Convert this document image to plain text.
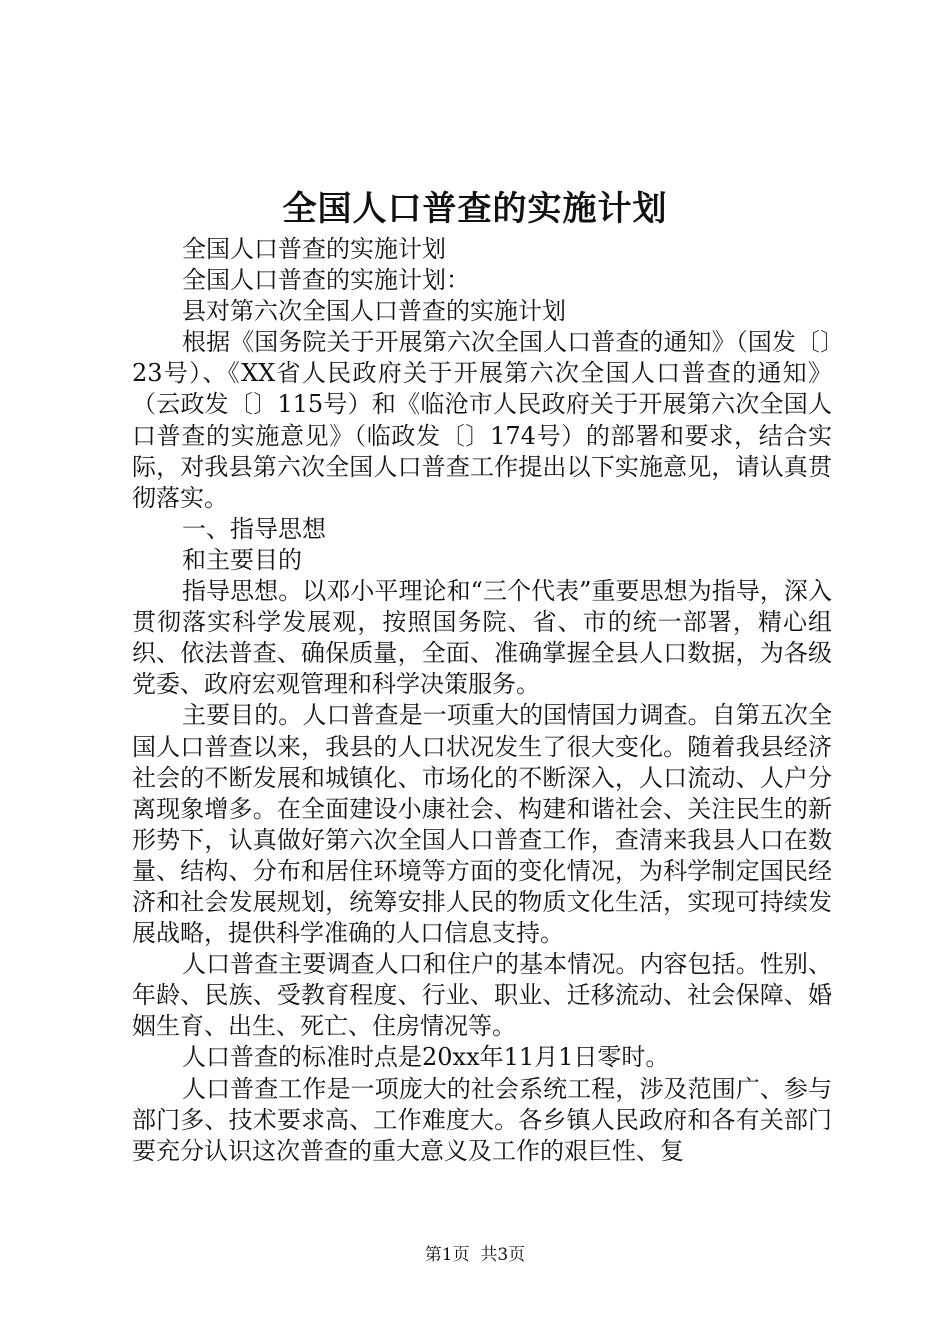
全国人口普查的实施计划

全国人口普查的实施计划

全国人口普查的实施计划：

县对第六次全国人口普查的实施计划

根据《国务院关于开展第六次全国人口普查的通知》（国发〔〕23号）、《XX省人民政府关于开展第六次全国人口普查的通知》（云政发〔〕115号）和《临沧市人民政府关于开展第六次全国人口普查的实施意见》（临政发〔〕174号）的部署和要求，结合实际，对我县第六次全国人口普查工作提出以下实施意见，请认真贯彻落实。

一、指导思想

和主要目的

指导思想。以邓小平理论和“三个代表”重要思想为指导，深入贯彻落实科学发展观，按照国务院、省、市的统一部署，精心组织、依法普查、确保质量，全面、准确掌握全县人口数据，为各级党委、政府宏观管理和科学决策服务。

主要目的。人口普查是一项重大的国情国力调查。自第五次全国人口普查以来，我县的人口状况发生了很大变化。随着我县经济社会的不断发展和城镇化、市场化的不断深入，人口流动、人户分离现象增多。在全面建设小康社会、构建和谐社会、关注民生的新形势下，认真做好第六次全国人口普查工作，查清来我县人口在数量、结构、分布和居住环境等方面的变化情况，为科学制定国民经济和社会发展规划，统筹安排人民的物质文化生活，实现可持续发展战略，提供科学准确的人口信息支持。

人口普查主要调查人口和住户的基本情况。内容包括。性别、年龄、民族、受教育程度、行业、职业、迁移流动、社会保障、婚姻生育、出生、死亡、住房情况等。

人口普查的标准时点是20xx年11月1日零时。

人口普查工作是一项庞大的社会系统工程，涉及范围广、参与部门多、技术要求高、工作难度大。各乡镇人民政府和各有关部门要充分认识这次普查的重大意义及工作的艰巨性、复

第1页  共3页
